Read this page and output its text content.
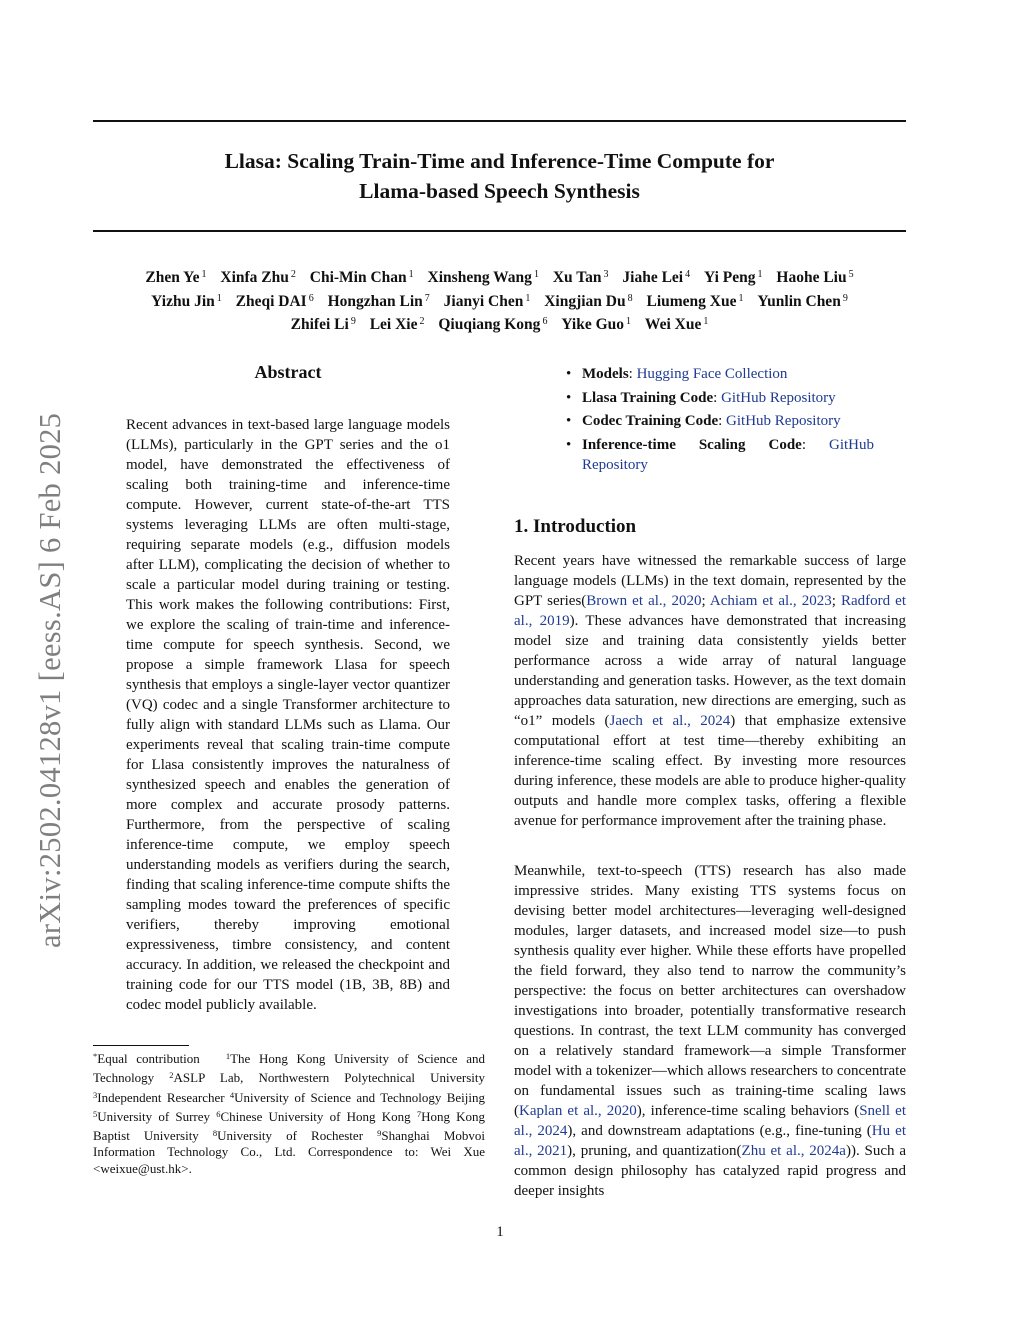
Llasa: Scaling Train-Time and Inference-Time Compute for
Llama-based Speech Synthesis
Zhen Ye $^1$ Xinfa Zhu $^2$ Chi-Min Chan $^1$ Xinsheng Wang $^1$ Xu Tan $^3$ Jiahe Lei $^4$ Yi Peng $^1$ Haohe Liu $^5$
Yizhu Jin $^1$ Zheqi DAI $^6$ Hongzhan Lin $^7$ Jianyi Chen $^1$ Xingjian Du $^8$ Liumeng Xue $^1$ Yunlin Chen $^9$
Zhifei Li $^9$ Lei Xie $^2$ Qiuqiang Kong $^6$ Yike Guo $^1$ Wei Xue $^1$
arXiv:2502.04128v1 [eess.AS] 6 Feb 2025
Abstract

Recent advances in text-based large language models (LLMs), particularly in the GPT series and the o1 model, have demonstrated the effectiveness of scaling both training-time and inference-time compute. However, current state-of-the-art TTS systems leveraging LLMs are often multi-stage, requiring separate models (e.g., diffusion models after LLM), complicating the decision of whether to scale a particular model during training or testing. This work makes the following contributions: First, we explore the scaling of train-time and inference-time compute for speech synthesis. Second, we propose a simple framework Llasa for speech synthesis that employs a single-layer vector quantizer (VQ) codec and a single Transformer architecture to fully align with standard LLMs such as Llama. Our experiments reveal that scaling train-time compute for Llasa consistently improves the naturalness of synthesized speech and enables the generation of more complex and accurate prosody patterns. Furthermore, from the perspective of scaling inference-time compute, we employ speech understanding models as verifiers during the search, finding that scaling inference-time compute shifts the sampling modes toward the preferences of specific verifiers, thereby improving emotional expressiveness, timbre consistency, and content accuracy. In addition, we released the checkpoint and training code for our TTS model (1B, 3B, 8B) and codec model publicly available.

*Equal contribution	$^1$The Hong Kong University of Science and Technology $^2$ASLP Lab, Northwestern Polytechnical University $^3$Independent Researcher $^4$University of Science and Technology Beijing $^5$University of Surrey $^6$Chinese University of Hong Kong $^7$Hong Kong Baptist University $^8$University of Rochester $^9$Shanghai Mobvoi Information Technology Co., Ltd. Correspondence to: Wei Xue <weixue@ust.hk>.

• Models: Hugging Face Collection
• Llasa Training Code: GitHub Repository
• Codec Training Code: GitHub Repository
• Inference-time Scaling Code: GitHub Repository
1. Introduction

Recent years have witnessed the remarkable success of large language models (LLMs) in the text domain, represented by the GPT series(Brown et al., 2020; Achiam et al., 2023; Radford et al., 2019). These advances have demonstrated that increasing model size and training data consistently yields better performance across a wide array of natural language understanding and generation tasks. However, as the text domain approaches data saturation, new directions are emerging, such as “o1” models (Jaech et al., 2024) that emphasize extensive computational effort at test time—thereby exhibiting an inference-time scaling effect. By investing more resources during inference, these models are able to produce higher-quality outputs and handle more complex tasks, offering a flexible avenue for performance improvement after the training phase.

Meanwhile, text-to-speech (TTS) research has also made impressive strides. Many existing TTS systems focus on devising better model architectures—leveraging well-designed modules, larger datasets, and increased model size—to push synthesis quality ever higher. While these efforts have propelled the field forward, they also tend to narrow the community’s perspective: the focus on better architectures can overshadow investigations into broader, potentially transformative research questions. In contrast, the text LLM community has converged on a relatively standard framework—a simple Transformer model with a tokenizer—which allows researchers to concentrate on fundamental issues such as training-time scaling laws (Kaplan et al., 2020), inference-time scaling behaviors (Snell et al., 2024), and downstream adaptations (e.g., fine-tuning (Hu et al., 2021), pruning, and quantization(Zhu et al., 2024a)). Such a common design philosophy has catalyzed rapid progress and deeper insights

1
